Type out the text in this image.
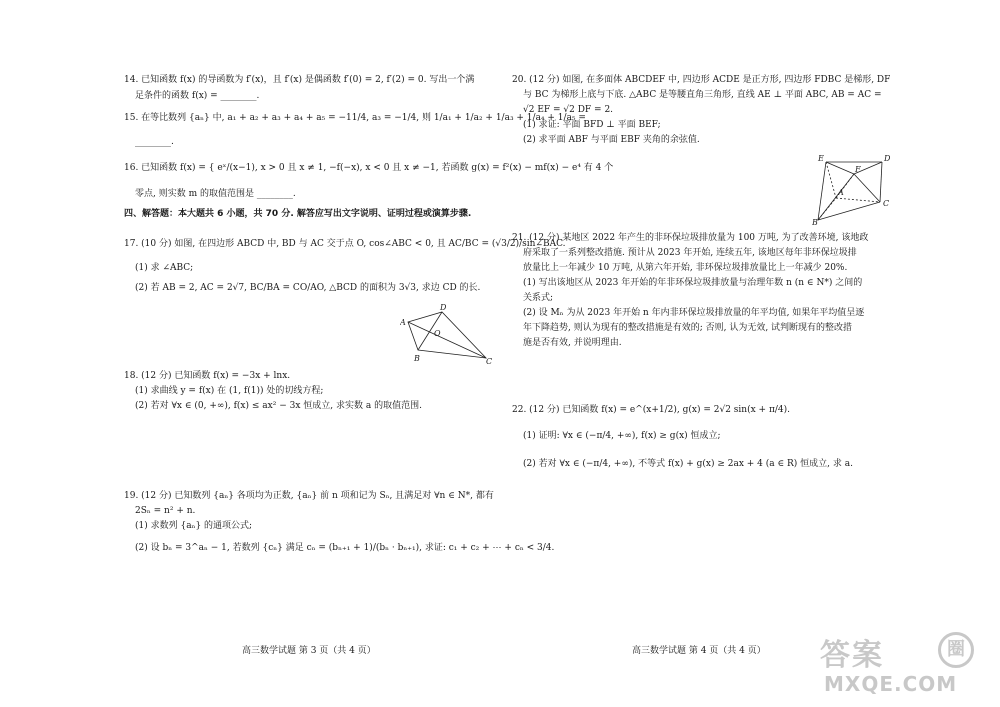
14. 已知函数 f(x) 的导函数为 f′(x)，且 f′(x) 是偶函数 f′(0) = 2, f′(2) = 0. 写出一个满
足条件的函数 f(x) = ________.
15. 在等比数列 {aₙ} 中, a₁ + a₂ + a₃ + a₄ + a₅ = −11/4, a₃ = −1/4, 则 1/a₁ + 1/a₂ + 1/a₃ + 1/a₄ + 1/a₅ =
________.
16. 已知函数 f(x) = { eˣ/(x−1), x > 0 且 x ≠ 1, −f(−x), x < 0 且 x ≠ −1, 若函数 g(x) = f²(x) − mf(x) − e⁴ 有 4 个
零点, 则实数 m 的取值范围是 ________.
四、解答题：本大题共 6 小题，共 70 分. 解答应写出文字说明、证明过程或演算步骤.
17. (10 分) 如图, 在四边形 ABCD 中, BD 与 AC 交于点 O, cos∠ABC < 0, 且 AC/BC = (√3/2)/sin∠BAC.
(1) 求 ∠ABC;
(2) 若 AB = 2, AC = 2√7, BC/BA = CO/AO, △BCD 的面积为 3√3, 求边 CD 的长.
A
D
B	C
O
18. (12 分) 已知函数 f(x) = −3x + lnx.
(1) 求曲线 y = f(x) 在 (1, f(1)) 处的切线方程;
(2) 若对 ∀x ∈ (0, +∞), f(x) ≤ ax² − 3x 恒成立, 求实数 a 的取值范围.
19. (12 分) 已知数列 {aₙ} 各项均为正数, {aₙ} 前 n 项和记为 Sₙ, 且满足对 ∀n ∈ N*, 都有
2Sₙ = n² + n.
(1) 求数列 {aₙ} 的通项公式;
(2) 设 bₙ = 3^aₙ − 1, 若数列 {cₙ} 满足 cₙ = (bₙ₊₁ + 1)/(bₙ · bₙ₊₁), 求证: c₁ + c₂ + ⋯ + cₙ < 3/4.
20. (12 分) 如图, 在多面体 ABCDEF 中, 四边形 ACDE 是正方形, 四边形 FDBC 是梯形, DF
与 BC 为梯形上底与下底. △ABC 是等腰直角三角形, 直线 AE ⊥ 平面 ABC, AB = AC =
√2 EF = √2 DF = 2.
(1) 求证: 平面 BFD ⊥ 平面 BEF;
(2) 求平面 ABF 与平面 EBF 夹角的余弦值.
E	D
F
A
B
C
21. (12 分) 某地区 2022 年产生的非环保垃圾排放量为 100 万吨, 为了改善环境, 该地政
府采取了一系列整改措施. 预计从 2023 年开始, 连续五年, 该地区每年非环保垃圾排
放量比上一年减少 10 万吨, 从第六年开始, 非环保垃圾排放量比上一年减少 20%.
(1) 写出该地区从 2023 年开始的年非环保垃圾排放量与治理年数 n (n ∈ N*) 之间的
关系式;
(2) 设 Mₙ 为从 2023 年开始 n 年内非环保垃圾排放量的年平均值, 如果年平均值呈逐
年下降趋势, 则认为现有的整改措施是有效的; 否则, 认为无效, 试判断现有的整改措
施是否有效, 并说明理由.
22. (12 分) 已知函数 f(x) = e^(x+1/2), g(x) = 2√2 sin(x + π/4).
(1) 证明: ∀x ∈ (−π/4, +∞), f(x) ≥ g(x) 恒成立;
(2) 若对 ∀x ∈ (−π/4, +∞), 不等式 f(x) + g(x) ≥ 2ax + 4 (a ∈ R) 恒成立, 求 a.
高三数学试题 第 3 页（共 4 页）	高三数学试题 第 4 页（共 4 页） 答案	圈
MXQE.COM
